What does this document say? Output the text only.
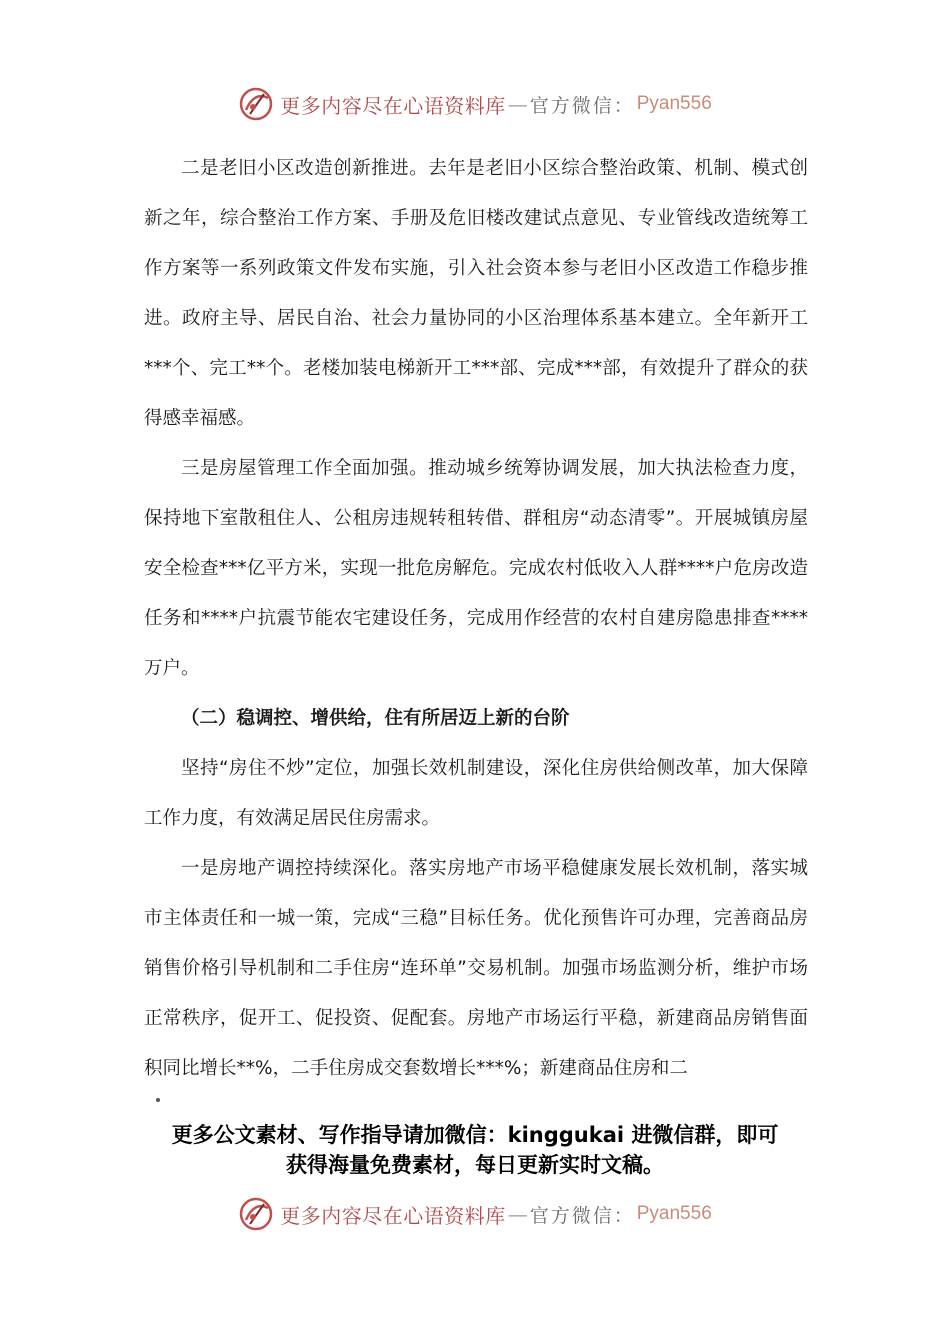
更多内容尽在心语资料库 — 官方微信： Pyan556

二是老旧小区改造创新推进。去年是老旧小区综合整治政策、机制、模式创新之年，综合整治工作方案、手册及危旧楼改建试点意见、专业管线改造统筹工作方案等一系列政策文件发布实施，引入社会资本参与老旧小区改造工作稳步推进。政府主导、居民自治、社会力量协同的小区治理体系基本建立。全年新开工***个、完工**个。老楼加装电梯新开工***部、完成***部，有效提升了群众的获得感幸福感。

三是房屋管理工作全面加强。推动城乡统筹协调发展，加大执法检查力度，保持地下室散租住人、公租房违规转租转借、群租房“动态清零”。开展城镇房屋安全检查***亿平方米，实现一批危房解危。完成农村低收入人群****户危房改造任务和****户抗震节能农宅建设任务，完成用作经营的农村自建房隐患排查****万户。

（二）稳调控、增供给，住有所居迈上新的台阶

坚持“房住不炒”定位，加强长效机制建设，深化住房供给侧改革，加大保障工作力度，有效满足居民住房需求。

一是房地产调控持续深化。落实房地产市场平稳健康发展长效机制，落实城市主体责任和一城一策，完成“三稳”目标任务。优化预售许可办理，完善商品房销售价格引导机制和二手住房“连环单”交易机制。加强市场监测分析，维护市场正常秩序，促开工、促投资、促配套。房地产市场运行平稳，新建商品房销售面积同比增长**%，二手住房成交套数增长***%；新建商品住房和二

更多公文素材、写作指导请加微信：kinggukai 进微信群，即可
获得海量免费素材，每日更新实时文稿。
更多内容尽在心语资料库 — 官方微信： Pyan556
